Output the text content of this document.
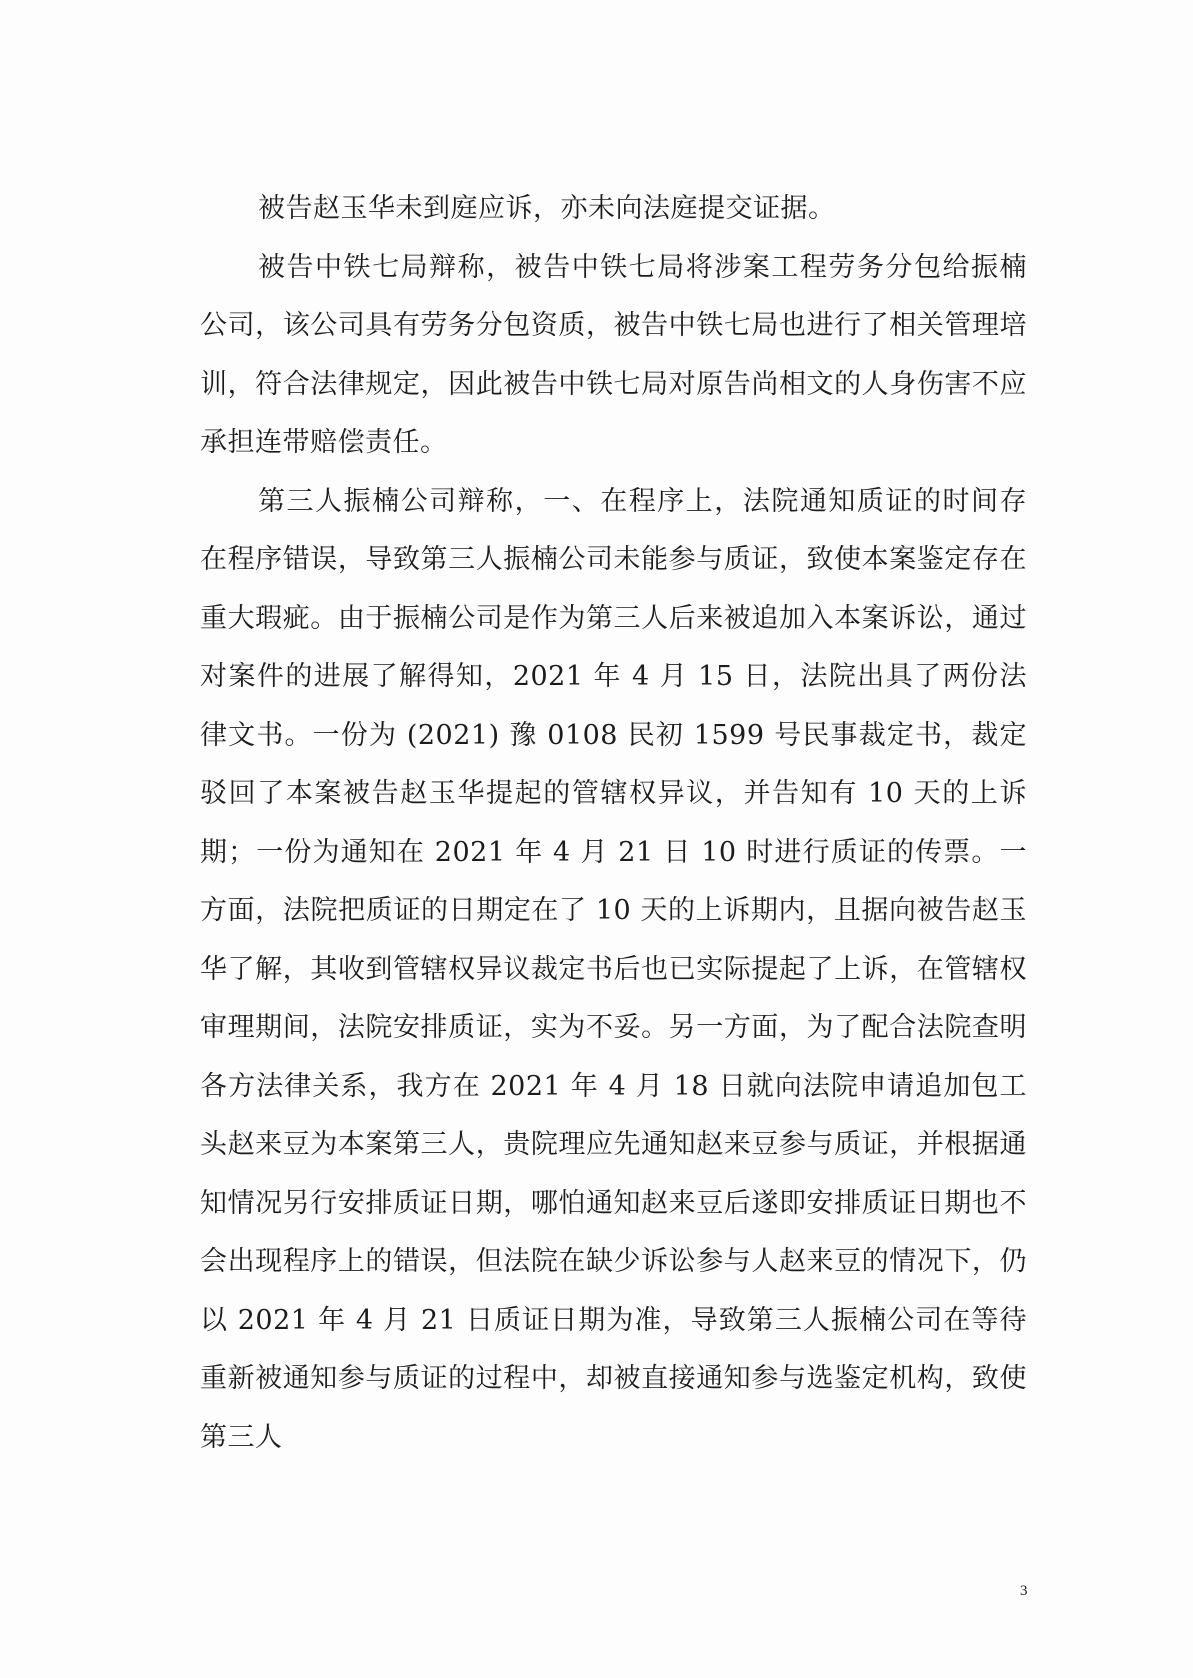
被告赵玉华未到庭应诉，亦未向法庭提交证据。

被告中铁七局辩称，被告中铁七局将涉案工程劳务分包给振楠公司，该公司具有劳务分包资质，被告中铁七局也进行了相关管理培训，符合法律规定，因此被告中铁七局对原告尚相文的人身伤害不应承担连带赔偿责任。

第三人振楠公司辩称，一、在程序上，法院通知质证的时间存在程序错误，导致第三人振楠公司未能参与质证，致使本案鉴定存在重大瑕疵。由于振楠公司是作为第三人后来被追加入本案诉讼，通过对案件的进展了解得知，2021 年 4 月 15 日，法院出具了两份法律文书。一份为 (2021) 豫 0108 民初 1599 号民事裁定书，裁定驳回了本案被告赵玉华提起的管辖权异议，并告知有 10 天的上诉期；一份为通知在 2021 年 4 月 21 日 10 时进行质证的传票。一方面，法院把质证的日期定在了 10 天的上诉期内，且据向被告赵玉华了解，其收到管辖权异议裁定书后也已实际提起了上诉，在管辖权审理期间，法院安排质证，实为不妥。另一方面，为了配合法院查明各方法律关系，我方在 2021 年 4 月 18 日就向法院申请追加包工头赵来豆为本案第三人，贵院理应先通知赵来豆参与质证，并根据通知情况另行安排质证日期，哪怕通知赵来豆后遂即安排质证日期也不会出现程序上的错误，但法院在缺少诉讼参与人赵来豆的情况下，仍以 2021 年 4 月 21 日质证日期为准，导致第三人振楠公司在等待重新被通知参与质证的过程中，却被直接通知参与选鉴定机构，致使第三人

3
